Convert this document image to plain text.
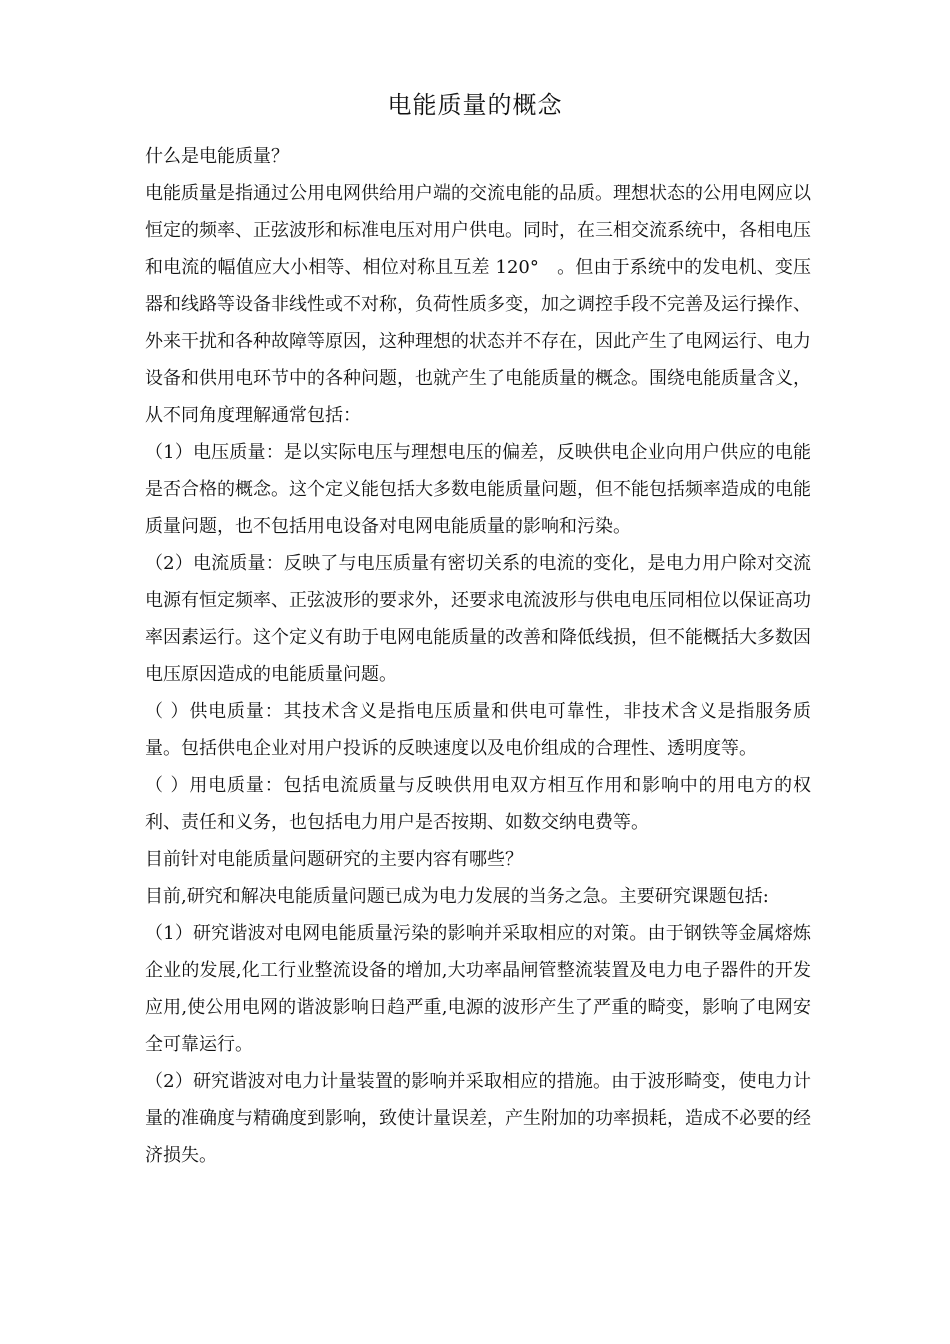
电能质量的概念

什么是电能质量？

电能质量是指通过公用电网供给用户端的交流电能的品质。理想状态的公用电网应以恒定的频率、正弦波形和标准电压对用户供电。同时，在三相交流系统中，各相电压和电流的幅值应大小相等、相位对称且互差 120°　。但由于系统中的发电机、变压器和线路等设备非线性或不对称，负荷性质多变，加之调控手段不完善及运行操作、外来干扰和各种故障等原因，这种理想的状态并不存在，因此产生了电网运行、电力设备和供用电环节中的各种问题，也就产生了电能质量的概念。围绕电能质量含义，从不同角度理解通常包括：

（1）电压质量：是以实际电压与理想电压的偏差，反映供电企业向用户供应的电能是否合格的概念。这个定义能包括大多数电能质量问题，但不能包括频率造成的电能质量问题，也不包括用电设备对电网电能质量的影响和污染。

（2）电流质量：反映了与电压质量有密切关系的电流的变化，是电力用户除对交流电源有恒定频率、正弦波形的要求外，还要求电流波形与供电电压同相位以保证高功率因素运行。这个定义有助于电网电能质量的改善和降低线损，但不能概括大多数因电压原因造成的电能质量问题。

（ ）供电质量：其技术含义是指电压质量和供电可靠性，非技术含义是指服务质量。包括供电企业对用户投诉的反映速度以及电价组成的合理性、透明度等。

（ ）用电质量：包括电流质量与反映供用电双方相互作用和影响中的用电方的权利、责任和义务，也包括电力用户是否按期、如数交纳电费等。

目前针对电能质量问题研究的主要内容有哪些？

目前,研究和解决电能质量问题已成为电力发展的当务之急。主要研究课题包括:

（1）研究谐波对电网电能质量污染的影响并采取相应的对策。由于钢铁等金属熔炼企业的发展,化工行业整流设备的增加,大功率晶闸管整流装置及电力电子器件的开发应用,使公用电网的谐波影响日趋严重,电源的波形产生了严重的畸变，影响了电网安全可靠运行。

（2）研究谐波对电力计量装置的影响并采取相应的措施。由于波形畸变，使电力计量的准确度与精确度到影响，致使计量误差，产生附加的功率损耗，造成不必要的经济损失。
